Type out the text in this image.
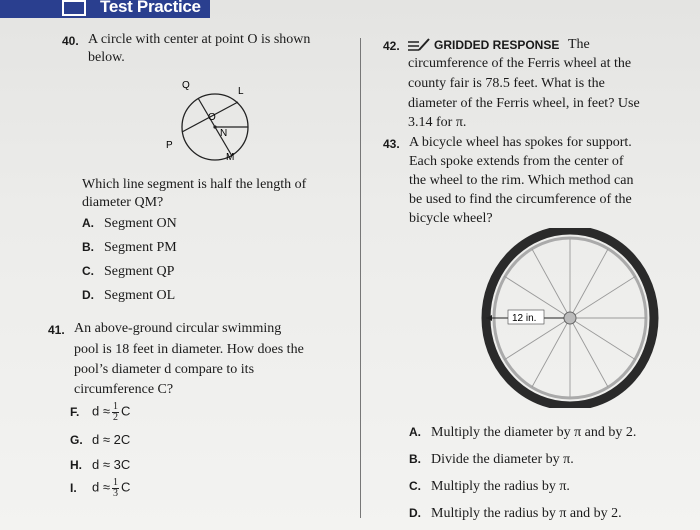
Test Practice
40. A circle with center at point O is shown
below.
Q
L
O
N
P
M
Which line segment is half the length of
diameter QM?
A. Segment ON
B. Segment PM
C. Segment QP
D. Segment OL
41. An above-ground circular swimming
pool is 18 feet in diameter. How does the
pool’s diameter d compare to its
circumference C?
F. $d \approx \frac{1}{2}$ C
G. d ≈ 2C
H. d ≈ 3C
I. $d \approx \frac{1}{3}$ C
42.	GRIDDED RESPONSE The
circumference of the Ferris wheel at the
county fair is 78.5 feet. What is the
diameter of the Ferris wheel, in feet? Use
3.14 for π.
43. A bicycle wheel has spokes for support.
Each spoke extends from the center of
the wheel to the rim. Which method can
be used to find the circumference of the
bicycle wheel?
12 in.
A. Multiply the diameter by π and by 2.
B. Divide the diameter by π.
C. Multiply the radius by π.
D. Multiply the radius by π and by 2.
